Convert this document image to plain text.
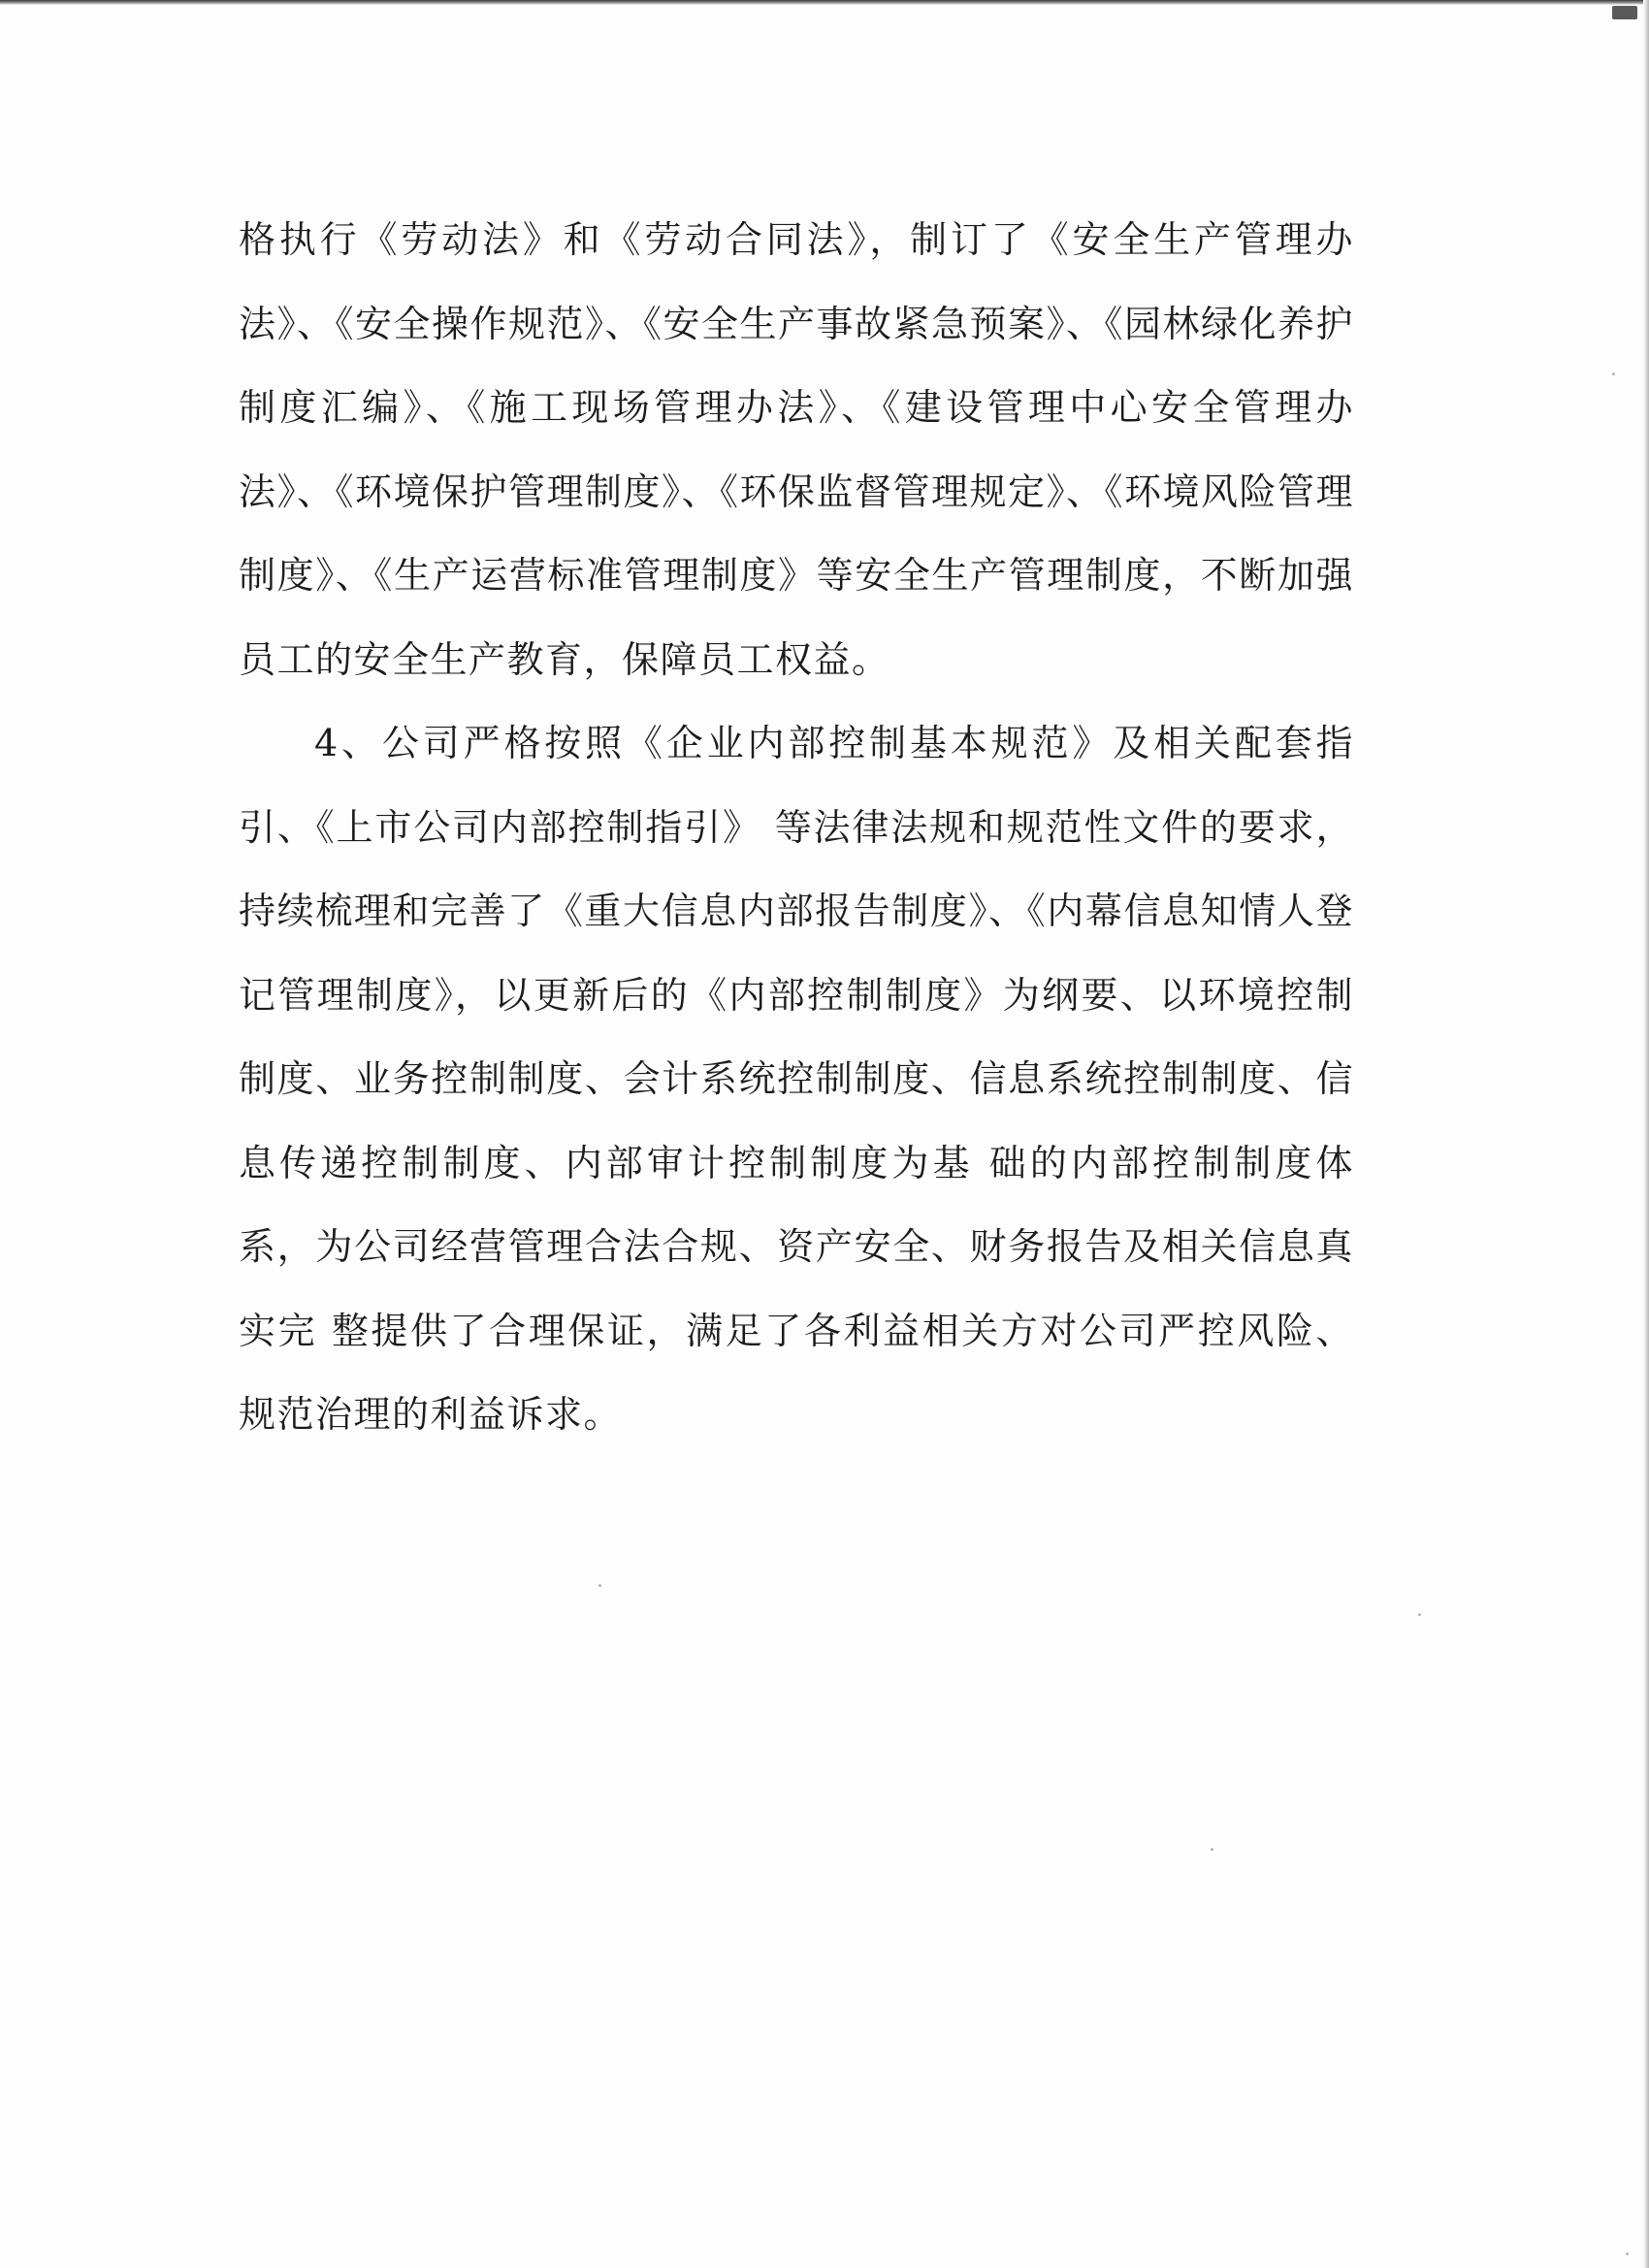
格执行《劳动法》和《劳动合同法》，制订了《安全生产管理办法》、《安全操作规范》、《安全生产事故紧急预案》、《园林绿化养护制度汇编》、《施工现场管理办法》、《建设管理中心安全管理办法》、《环境保护管理制度》、《环保监督管理规定》、《环境风险管理制度》、《生产运营标准管理制度》等安全生产管理制度，不断加强员工的安全生产教育，保障员工权益。

4、公司严格按照《企业内部控制基本规范》及相关配套指引、《上市公司内部控制指引》 等法律法规和规范性文件的要求，持续梳理和完善了《重大信息内部报告制度》、《内幕信息知情人登记管理制度》，以更新后的《内部控制制度》为纲要、以环境控制制度、业务控制制度、会计系统控制制度、信息系统控制制度、信息传递控制制度、内部审计控制制度为基 础的内部控制制度体系，为公司经营管理合法合规、资产安全、财务报告及相关信息真实完 整提供了合理保证，满足了各利益相关方对公司严控风险、规范治理的利益诉求。
